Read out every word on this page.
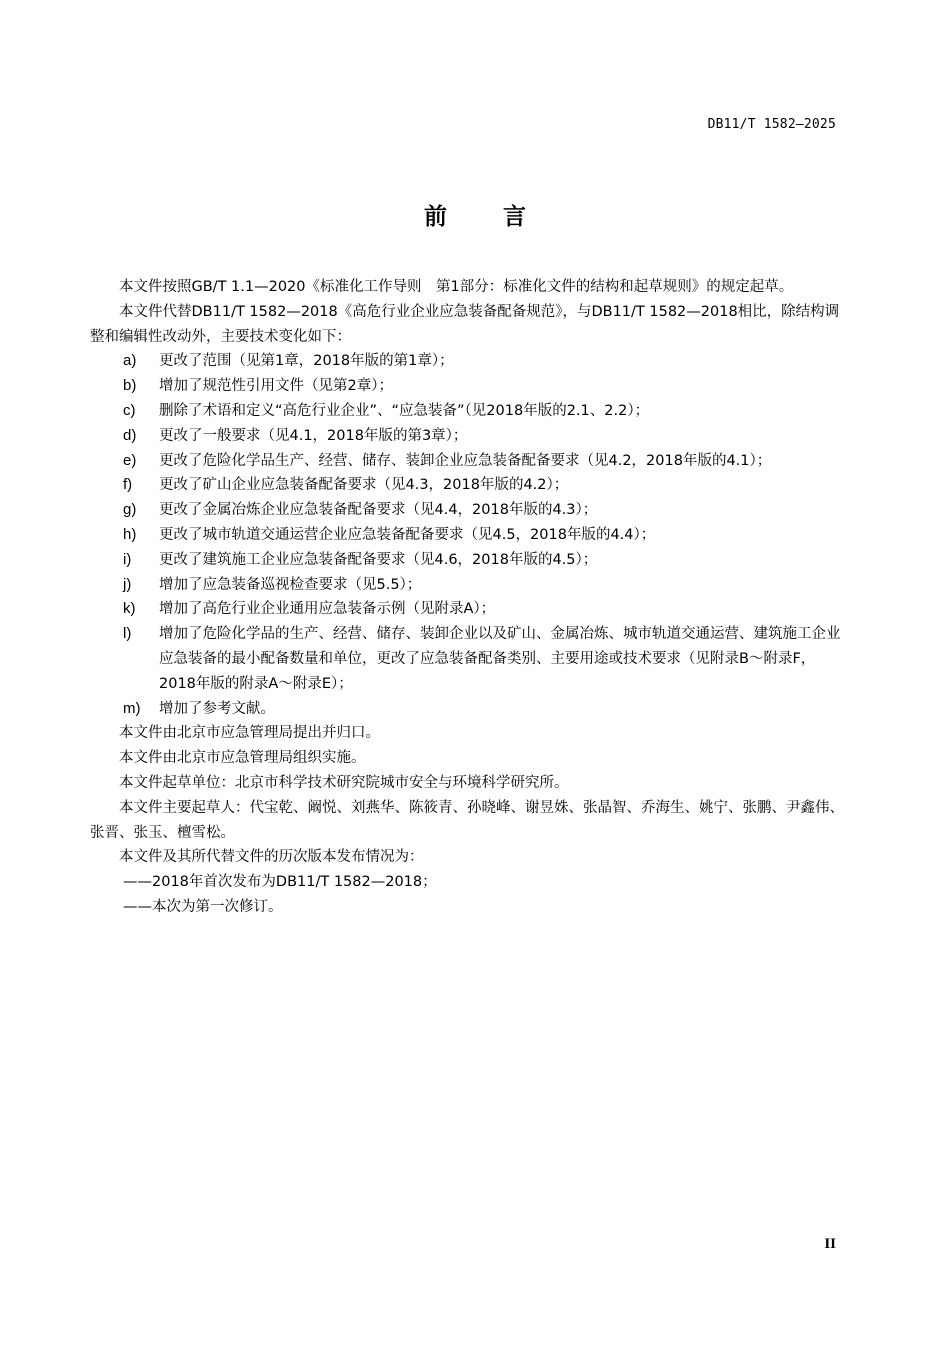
DB11/T 1582—2025
前言

本文件按照GB/T 1.1—2020《标准化工作导则　第1部分：标准化文件的结构和起草规则》的规定起草。

本文件代替DB11/T 1582—2018《高危行业企业应急装备配备规范》，与DB11/T 1582—2018相比，除结构调整和编辑性改动外，主要技术变化如下：

a)	更改了范围（见第1章，2018年版的第1章）；
b)	增加了规范性引用文件（见第2章）；
c)	删除了术语和定义“高危行业企业”、“应急装备”（见2018年版的2.1、2.2）；
d)	更改了一般要求（见4.1，2018年版的第3章）；
e)	更改了危险化学品生产、经营、储存、装卸企业应急装备配备要求（见4.2，2018年版的4.1）；
f)	更改了矿山企业应急装备配备要求（见4.3，2018年版的4.2）；
g)	更改了金属冶炼企业应急装备配备要求（见4.4，2018年版的4.3）；
h)	更改了城市轨道交通运营企业应急装备配备要求（见4.5，2018年版的4.4）；
i)	更改了建筑施工企业应急装备配备要求（见4.6，2018年版的4.5）；
j)	增加了应急装备巡视检查要求（见5.5）；
k)	增加了高危行业企业通用应急装备示例（见附录A）；
l)	增加了危险化学品的生产、经营、储存、装卸企业以及矿山、金属冶炼、城市轨道交通运营、建筑施工企业应急装备的最小配备数量和单位，更改了应急装备配备类别、主要用途或技术要求（见附录B～附录F，2018年版的附录A～附录E）；
m)	增加了参考文献。

本文件由北京市应急管理局提出并归口。

本文件由北京市应急管理局组织实施。

本文件起草单位：北京市科学技术研究院城市安全与环境科学研究所。

本文件主要起草人：代宝乾、阚悦、刘燕华、陈筱青、孙晓峰、谢昱姝、张晶智、乔海生、姚宁、张鹏、尹鑫伟、张晋、张玉、檀雪松。

本文件及其所代替文件的历次版本发布情况为：

——2018年首次发布为DB11/T 1582—2018；

——本次为第一次修订。

II
